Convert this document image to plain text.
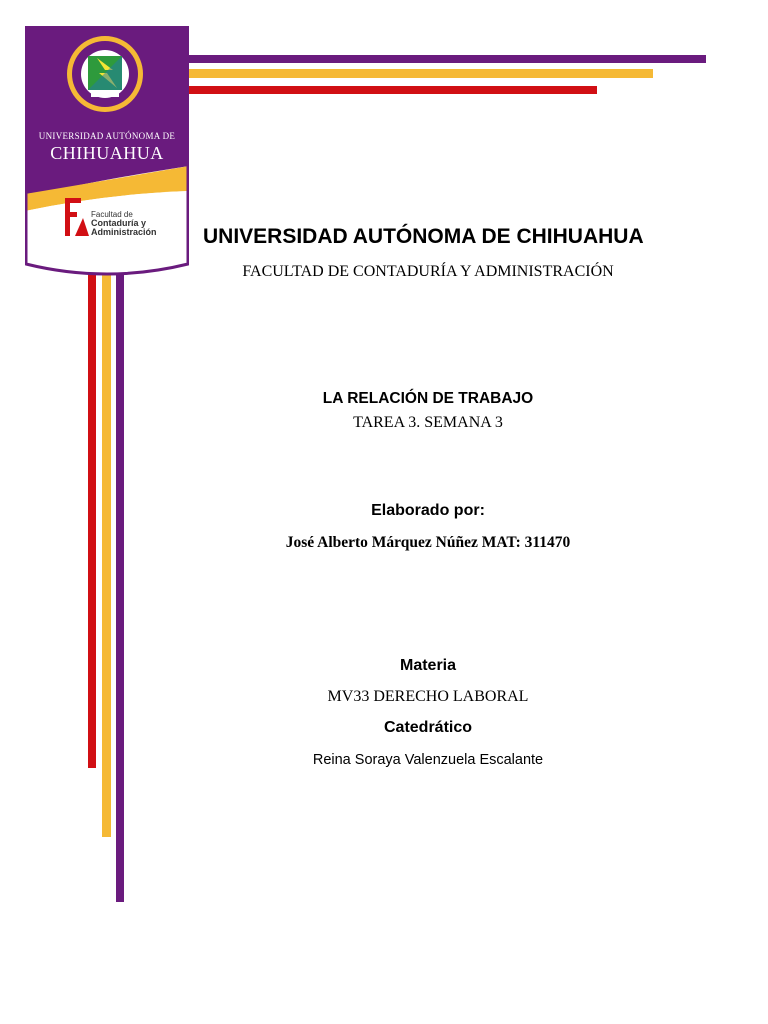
UNIVERSIDAD AUTÓNOMA DE
CHIHUAHUA
Facultad de
Contaduría y
Administración UNIVERSIDAD AUTÓNOMA DE CHIHUAHUA
FACULTAD DE CONTADURÍA Y ADMINISTRACIÓN
LA RELACIÓN DE TRABAJO
TAREA 3. SEMANA 3
Elaborado por:
José Alberto Márquez Núñez MAT: 311470
Materia
MV33 DERECHO LABORAL
Catedrático
Reina Soraya Valenzuela Escalante
